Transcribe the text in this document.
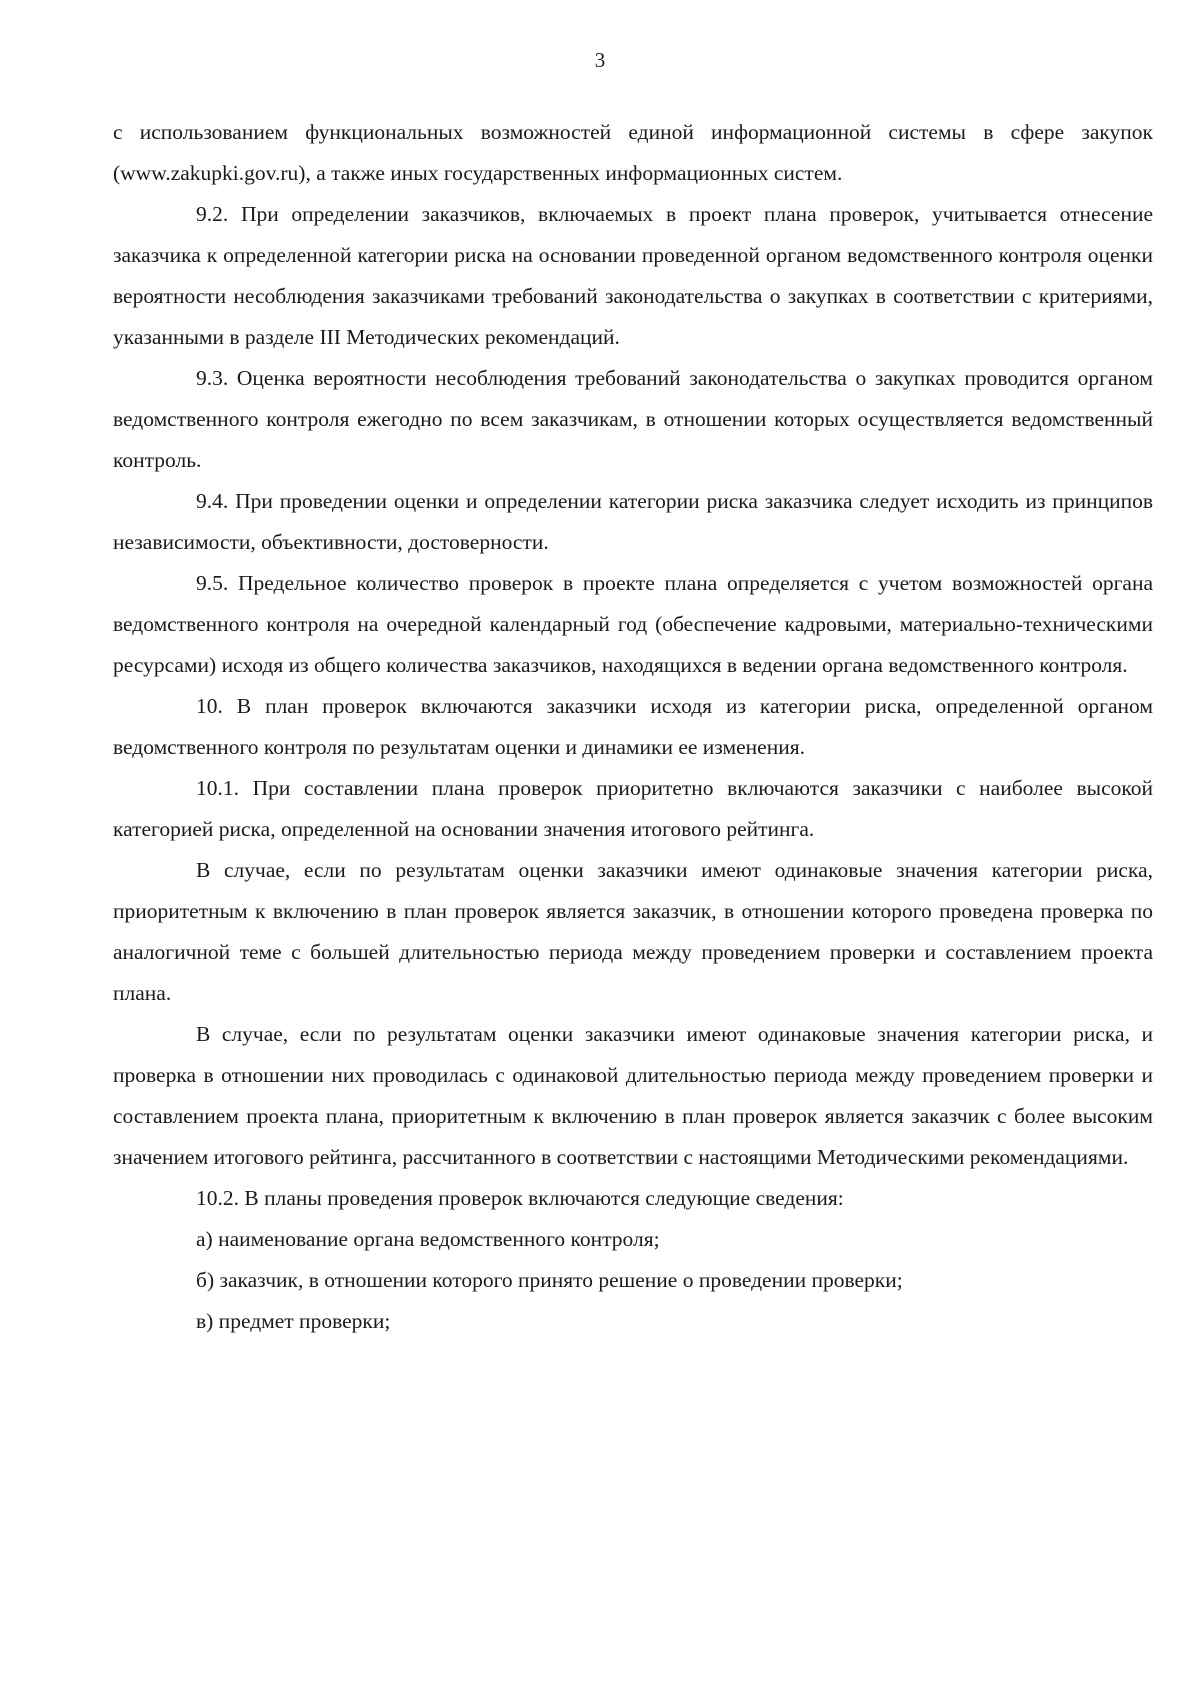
3

с использованием функциональных возможностей единой информационной системы в сфере закупок (www.zakupki.gov.ru), а также иных государственных информационных систем.

9.2. При определении заказчиков, включаемых в проект плана проверок, учитывается отнесение заказчика к определенной категории риска на основании проведенной органом ведомственного контроля оценки вероятности несоблюдения заказчиками требований законодательства о закупках в соответствии с критериями, указанными в разделе III Методических рекомендаций.

9.3. Оценка вероятности несоблюдения требований законодательства о закупках проводится органом ведомственного контроля ежегодно по всем заказчикам, в отношении которых осуществляется ведомственный контроль.

9.4. При проведении оценки и определении категории риска заказчика следует исходить из принципов независимости, объективности, достоверности.

9.5. Предельное количество проверок в проекте плана определяется с учетом возможностей органа ведомственного контроля на очередной календарный год (обеспечение кадровыми, материально-техническими ресурсами) исходя из общего количества заказчиков, находящихся в ведении органа ведомственного контроля.

10. В план проверок включаются заказчики исходя из категории риска, определенной органом ведомственного контроля по результатам оценки и динамики ее изменения.

10.1. При составлении плана проверок приоритетно включаются заказчики с наиболее высокой категорией риска, определенной на основании значения итогового рейтинга.

В случае, если по результатам оценки заказчики имеют одинаковые значения категории риска, приоритетным к включению в план проверок является заказчик, в отношении которого проведена проверка по аналогичной теме с большей длительностью периода между проведением проверки и составлением проекта плана.

В случае, если по результатам оценки заказчики имеют одинаковые значения категории риска, и проверка в отношении них проводилась с одинаковой длительностью периода между проведением проверки и составлением проекта плана, приоритетным к включению в план проверок является заказчик с более высоким значением итогового рейтинга, рассчитанного в соответствии с настоящими Методическими рекомендациями.

10.2. В планы проведения проверок включаются следующие сведения:

а) наименование органа ведомственного контроля;

б) заказчик, в отношении которого принято решение о проведении проверки;

в) предмет проверки;
